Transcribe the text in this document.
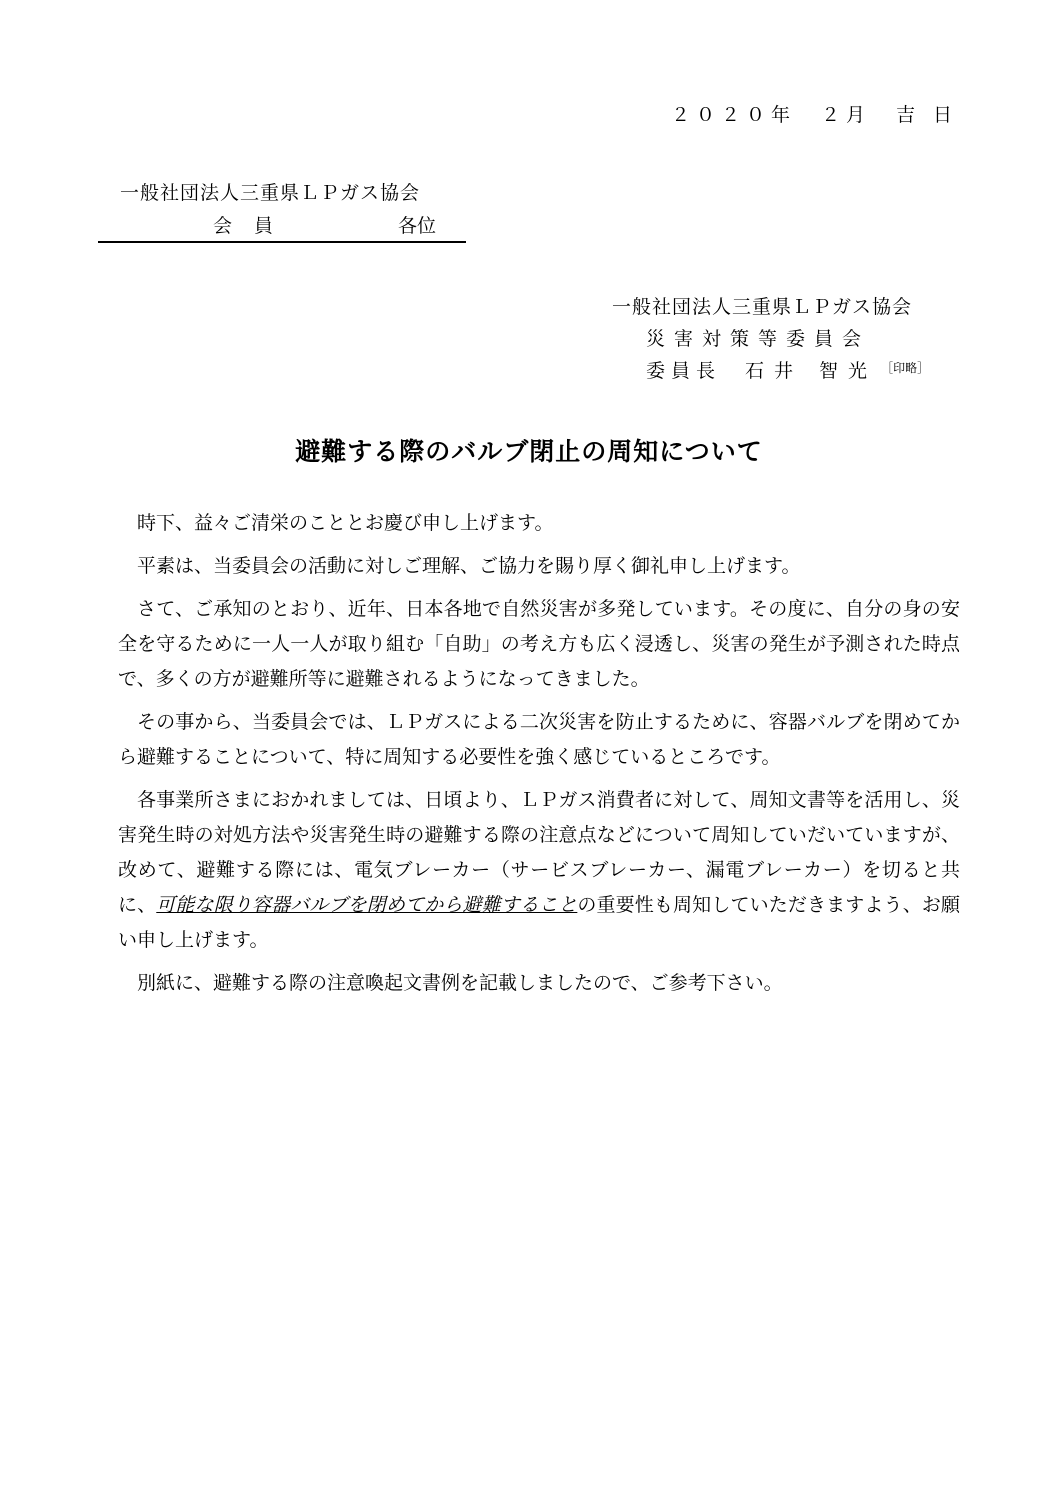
２０２０年　２月　吉 日
一般社団法人三重県ＬＰガス協会
会員	各位
一般社団法人三重県ＬＰガス協会
災害対策等委員会
委員長 石井 智光 $^{[印略]}$
避難する際のバルブ閉止の周知について

時下、益々ご清栄のこととお慶び申し上げます。

平素は、当委員会の活動に対しご理解、ご協力を賜り厚く御礼申し上げます。

さて、ご承知のとおり、近年、日本各地で自然災害が多発しています。その度に、自分の身の安全を守るために一人一人が取り組む「自助」の考え方も広く浸透し、災害の発生が予測された時点で、多くの方が避難所等に避難されるようになってきました。

その事から、当委員会では、ＬＰガスによる二次災害を防止するために、容器バルブを閉めてから避難することについて、特に周知する必要性を強く感じているところです。

各事業所さまにおかれましては、日頃より、ＬＰガス消費者に対して、周知文書等を活用し、災害発生時の対処方法や災害発生時の避難する際の注意点などについて周知していだいていますが、改めて、避難する際には、電気ブレーカー（サービスブレーカー、漏電ブレーカー）を切ると共に、可能な限り容器バルブを閉めてから避難することの重要性も周知していただきますよう、お願い申し上げます。

別紙に、避難する際の注意喚起文書例を記載しましたので、ご参考下さい。
